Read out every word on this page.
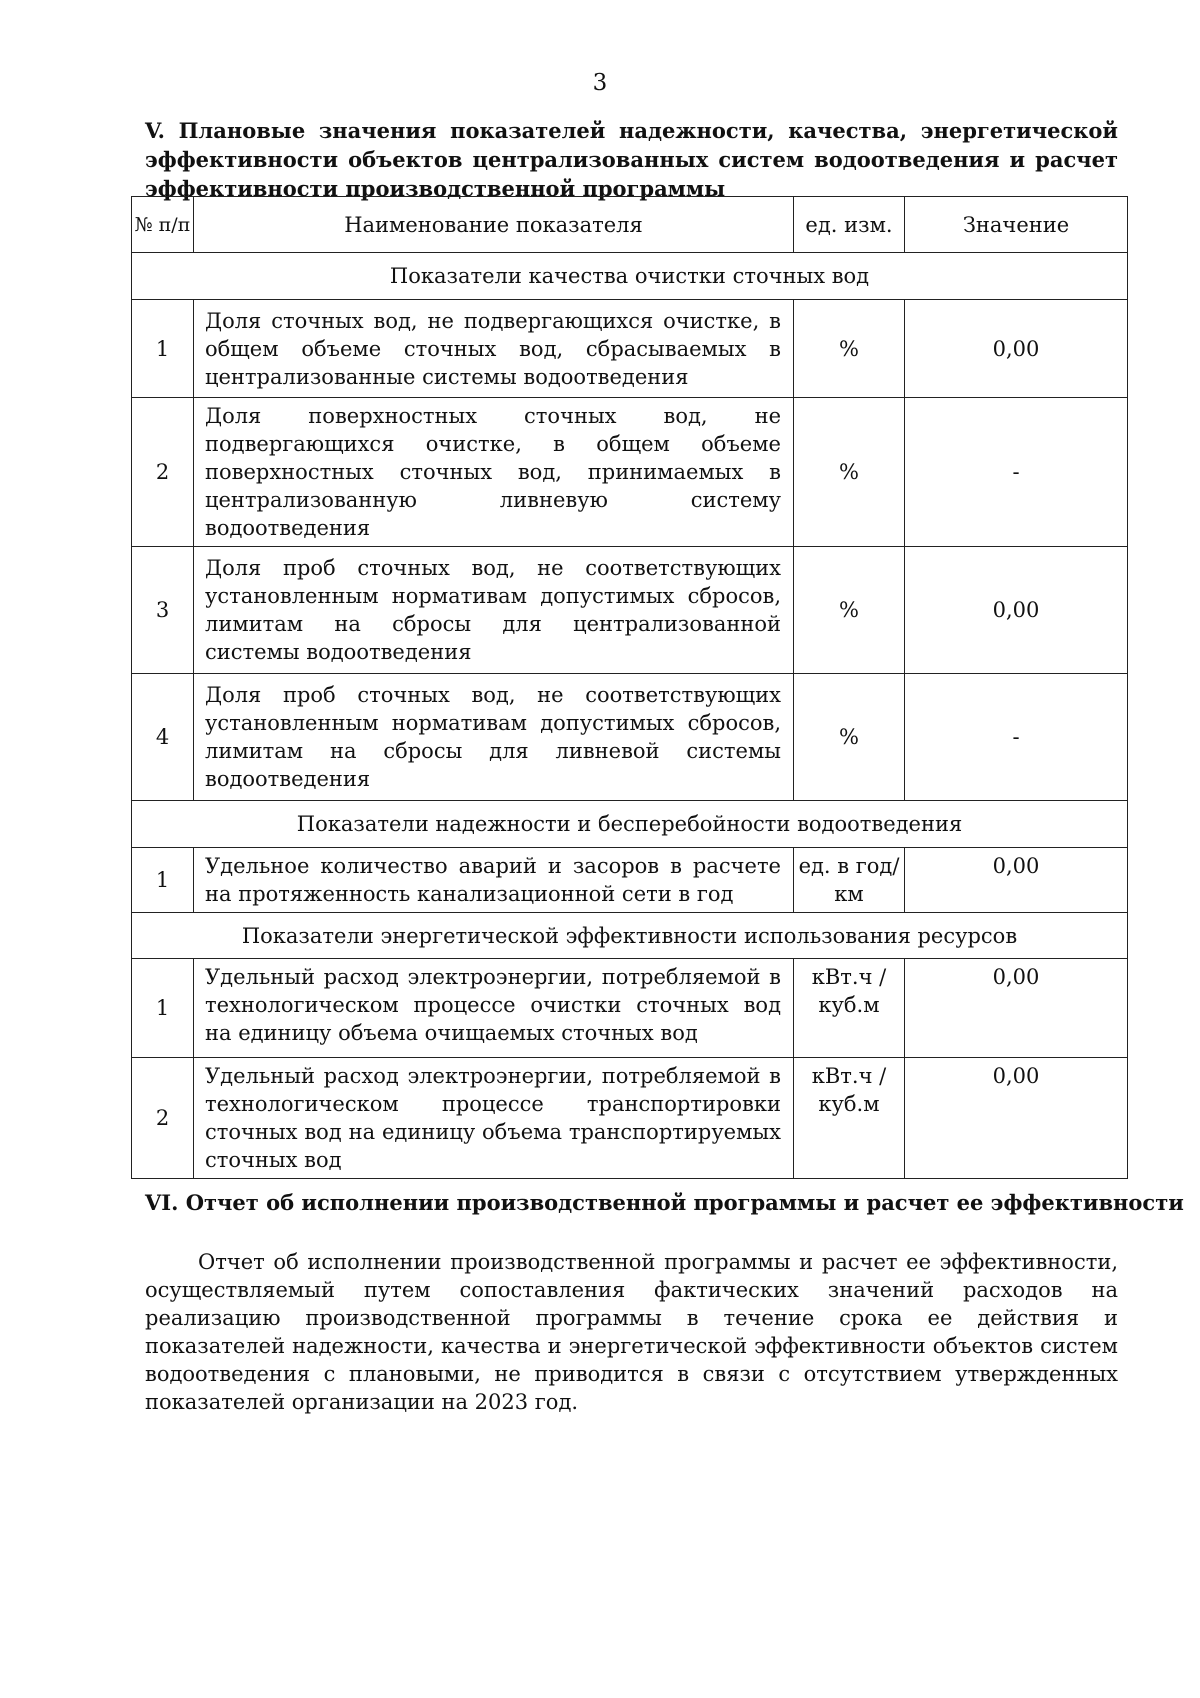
3
V. Плановые значения показателей надежности, качества, энергетической эффективности объектов централизованных систем водоотведения и расчет эффективности производственной программы
№ п/п	Наименование показателя	ед. изм.	Значение
Показатели качества очистки сточных вод			
1	Доля сточных вод, не подвергающихся очистке, в общем объеме сточных вод, сбрасываемых в централизованные системы водоотведения	%	0,00
2	Доля поверхностных сточных вод, не подвергающихся очистке, в общем объеме поверхностных сточных вод, принимаемых в централизованную ливневую систему водоотведения	%	-
3	Доля проб сточных вод, не соответствующих установленным нормативам допустимых сбросов, лимитам на сбросы для централизованной системы водоотведения	%	0,00
4	Доля проб сточных вод, не соответствующих установленным нормативам допустимых сбросов, лимитам на сбросы для ливневой системы водоотведения	%	-
Показатели надежности и бесперебойности водоотведения			
1	Удельное количество аварий и засоров в расчете на протяженность канализационной сети в год	ед. в год/ км	0,00
Показатели энергетической эффективности использования ресурсов			
1	Удельный расход электроэнергии, потребляемой в технологическом процессе очистки сточных вод на единицу объема очищаемых сточных вод	кВт.ч / куб.м	0,00
2	Удельный расход электроэнергии, потребляемой в технологическом процессе транспортировки сточных вод на единицу объема транспортируемых сточных вод	кВт.ч / куб.м	0,00
VI. Отчет об исполнении производственной программы и расчет ее эффективности

Отчет об исполнении производственной программы и расчет ее эффективности, осуществляемый путем сопоставления фактических значений расходов на реализацию производственной программы в течение срока ее действия и показателей надежности, качества и энергетической эффективности объектов систем водоотведения с плановыми, не приводится в связи с отсутствием утвержденных показателей организации на 2023 год.
